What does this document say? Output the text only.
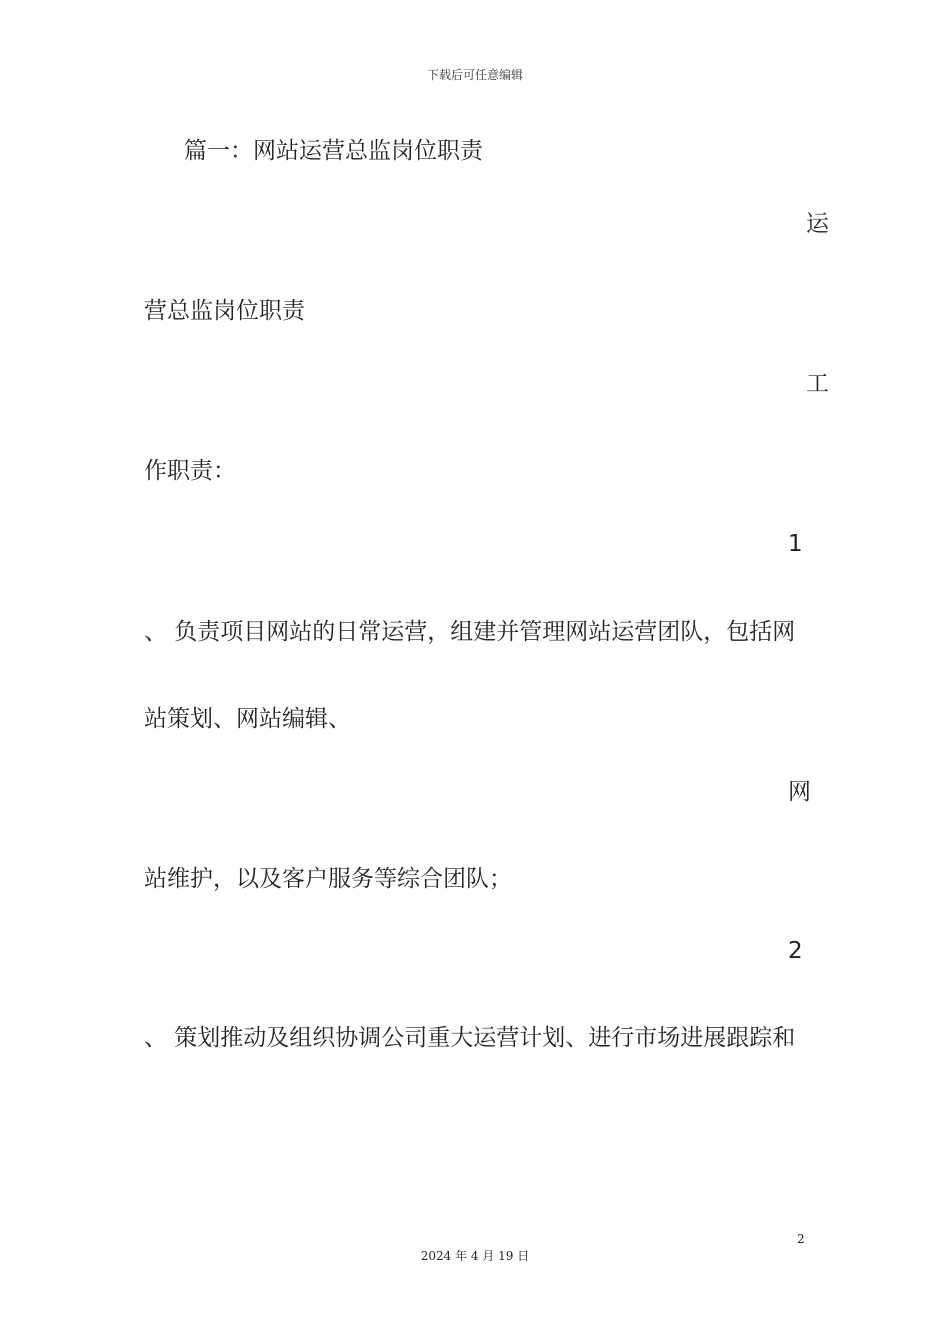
下载后可任意编辑
篇一：网站运营总监岗位职责
运
营总监岗位职责
工
作职责：
1
、 负责项目网站的日常运营，组建并管理网站运营团队，包括网
站策划、网站编辑、
网
站维护，以及客户服务等综合团队；
2
、 策划推动及组织协调公司重大运营计划、进行市场进展跟踪和
2
2024 年 4 月 19 日
